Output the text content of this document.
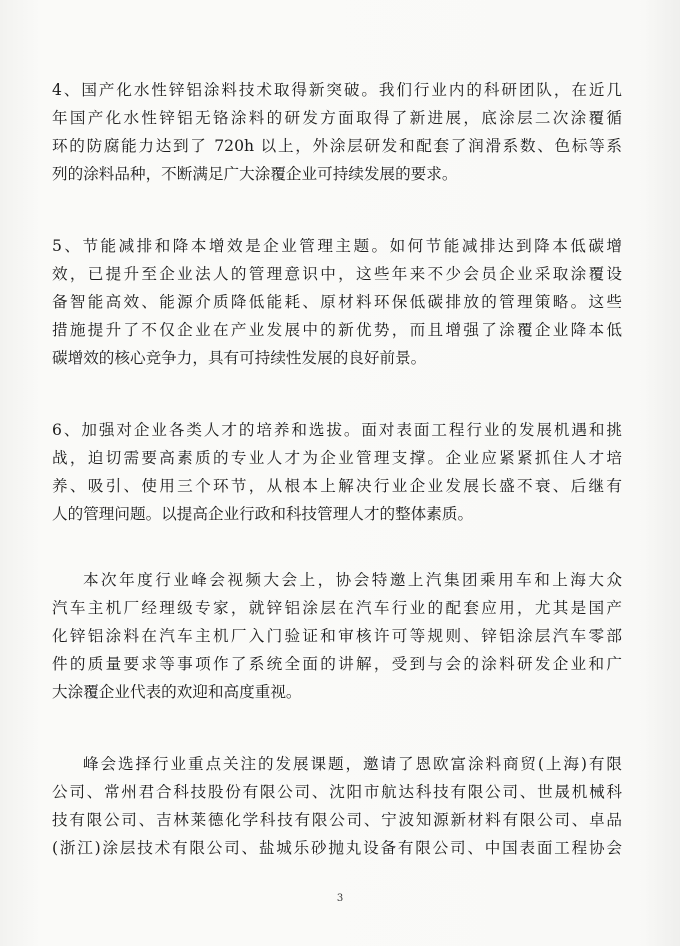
4、国产化水性锌铝涂料技术取得新突破。我们行业内的科研团队，在近几
年国产化水性锌铝无铬涂料的研发方面取得了新进展，底涂层二次涂覆循
环的防腐能力达到了 720h 以上，外涂层研发和配套了润滑系数、色标等系
列的涂料品种，不断满足广大涂覆企业可持续发展的要求。
5、节能减排和降本增效是企业管理主题。如何节能减排达到降本低碳增
效，已提升至企业法人的管理意识中，这些年来不少会员企业采取涂覆设
备智能高效、能源介质降低能耗、原材料环保低碳排放的管理策略。这些
措施提升了不仅企业在产业发展中的新优势，而且增强了涂覆企业降本低
碳增效的核心竞争力，具有可持续性发展的良好前景。
6、加强对企业各类人才的培养和选拔。面对表面工程行业的发展机遇和挑
战，迫切需要高素质的专业人才为企业管理支撑。企业应紧紧抓住人才培
养、吸引、使用三个环节，从根本上解决行业企业发展长盛不衰、后继有
人的管理问题。以提高企业行政和科技管理人才的整体素质。
本次年度行业峰会视频大会上，协会特邀上汽集团乘用车和上海大众
汽车主机厂经理级专家，就锌铝涂层在汽车行业的配套应用，尤其是国产
化锌铝涂料在汽车主机厂入门验证和审核许可等规则、锌铝涂层汽车零部
件的质量要求等事项作了系统全面的讲解，受到与会的涂料研发企业和广
大涂覆企业代表的欢迎和高度重视。
峰会选择行业重点关注的发展课题，邀请了恩欧富涂料商贸(上海)有限
公司、常州君合科技股份有限公司、沈阳市航达科技有限公司、世晟机械科
技有限公司、吉林莱德化学科技有限公司、宁波知源新材料有限公司、卓品
(浙江)涂层技术有限公司、盐城乐砂抛丸设备有限公司、中国表面工程协会
3
